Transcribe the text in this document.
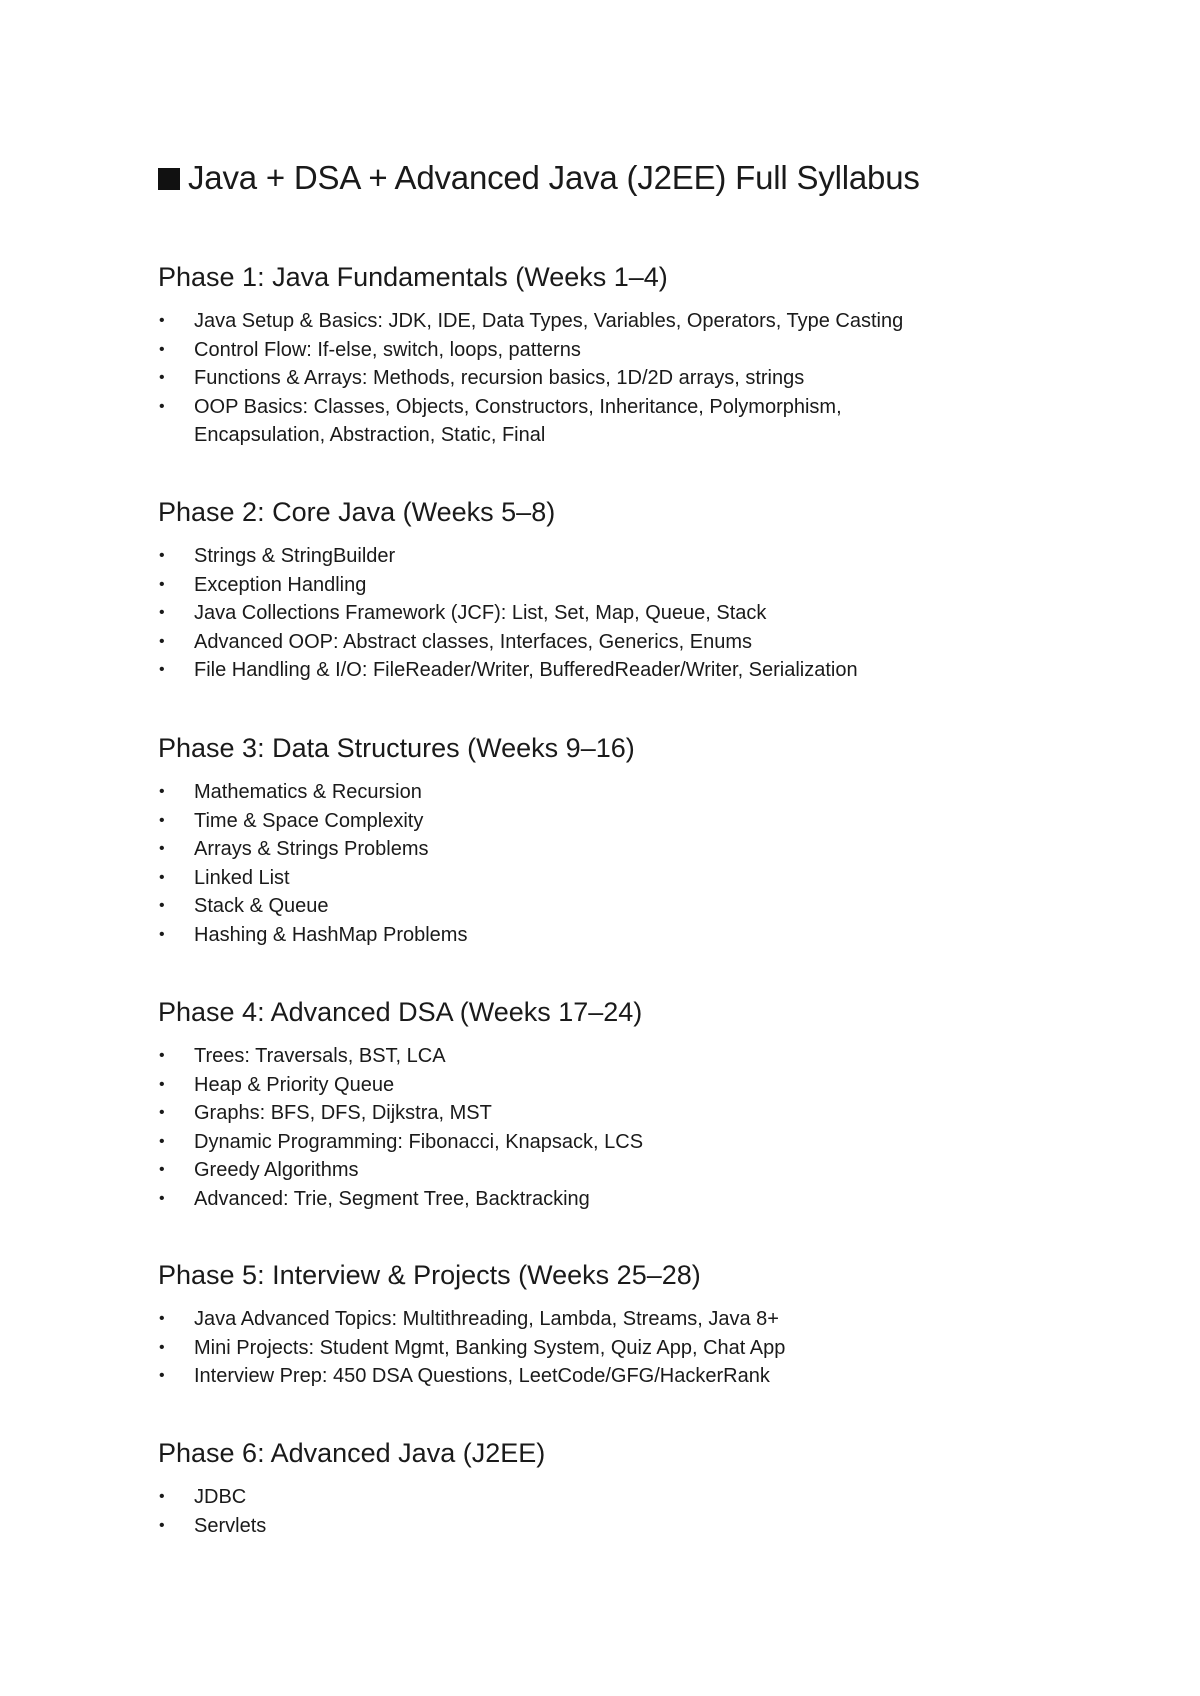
Java + DSA + Advanced Java (J2EE) Full Syllabus
Phase 1: Java Fundamentals (Weeks 1–4)
• Java Setup & Basics: JDK, IDE, Data Types, Variables, Operators, Type Casting
• Control Flow: If-else, switch, loops, patterns
• Functions & Arrays: Methods, recursion basics, 1D/2D arrays, strings
• OOP Basics: Classes, Objects, Constructors, Inheritance, Polymorphism, Encapsulation, Abstraction, Static, Final
Phase 2: Core Java (Weeks 5–8)
• Strings & StringBuilder
• Exception Handling
• Java Collections Framework (JCF): List, Set, Map, Queue, Stack
• Advanced OOP: Abstract classes, Interfaces, Generics, Enums
• File Handling & I/O: FileReader/Writer, BufferedReader/Writer, Serialization
Phase 3: Data Structures (Weeks 9–16)
• Mathematics & Recursion
• Time & Space Complexity
• Arrays & Strings Problems
• Linked List
• Stack & Queue
• Hashing & HashMap Problems
Phase 4: Advanced DSA (Weeks 17–24)
• Trees: Traversals, BST, LCA
• Heap & Priority Queue
• Graphs: BFS, DFS, Dijkstra, MST
• Dynamic Programming: Fibonacci, Knapsack, LCS
• Greedy Algorithms
• Advanced: Trie, Segment Tree, Backtracking
Phase 5: Interview & Projects (Weeks 25–28)
• Java Advanced Topics: Multithreading, Lambda, Streams, Java 8+
• Mini Projects: Student Mgmt, Banking System, Quiz App, Chat App
• Interview Prep: 450 DSA Questions, LeetCode/GFG/HackerRank
Phase 6: Advanced Java (J2EE)
• JDBC
• Servlets
